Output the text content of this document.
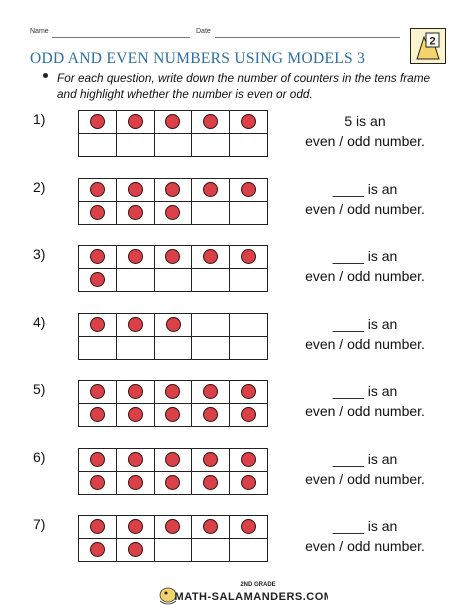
Name	Date
2
ODD AND EVEN NUMBERS USING MODELS 3
For each question, write down the number of counters in the tens frame and highlight whether the number is even or odd.
1)

					5 is an
even / odd number.
2)

					____ is an
even / odd number.
3)

					____ is an
even / odd number.
4)

					____ is an
even / odd number.
5)

					____ is an
even / odd number.
6)

					____ is an
even / odd number.
7)

					____ is an
even / odd number.
2ND GRADE
MATH-SALAMANDERS.COM
